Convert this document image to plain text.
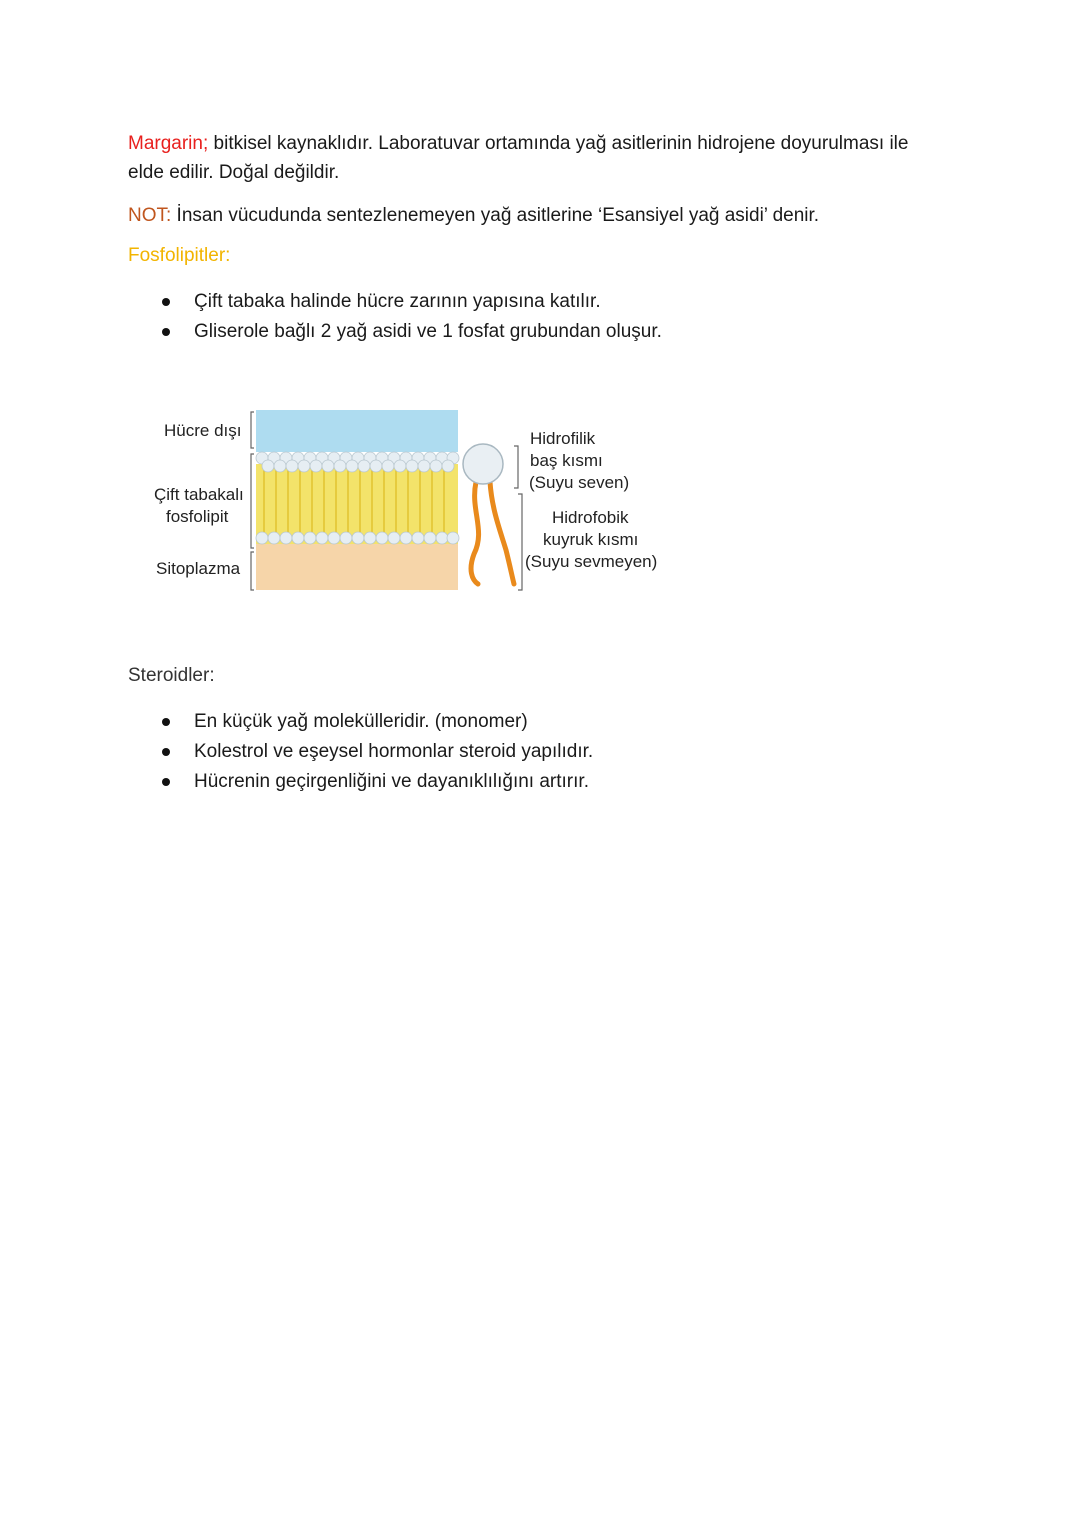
Margarin; bitkisel kaynaklıdır. Laboratuvar ortamında yağ asitlerinin hidrojene doyurulması ile elde edilir. Doğal değildir.

NOT: İnsan vücudunda sentezlenemeyen yağ asitlerine ‘Esansiyel yağ asidi’ denir.

Fosfolipitler:

Çift tabaka halinde hücre zarının yapısına katılır.
Gliserole bağlı 2 yağ asidi ve 1 fosfat grubundan oluşur.
Hücre dışı
Çift tabakalı
fosfolipit
Sitoplazma
Hidrofilik
baş kısmı
(Suyu seven)
Hidrofobik
kuyruk kısmı
(Suyu sevmeyen)

Steroidler:

En küçük yağ molekülleridir. (monomer)
Kolestrol ve eşeysel hormonlar steroid yapılıdır.
Hücrenin geçirgenliğini ve dayanıklılığını artırır.
